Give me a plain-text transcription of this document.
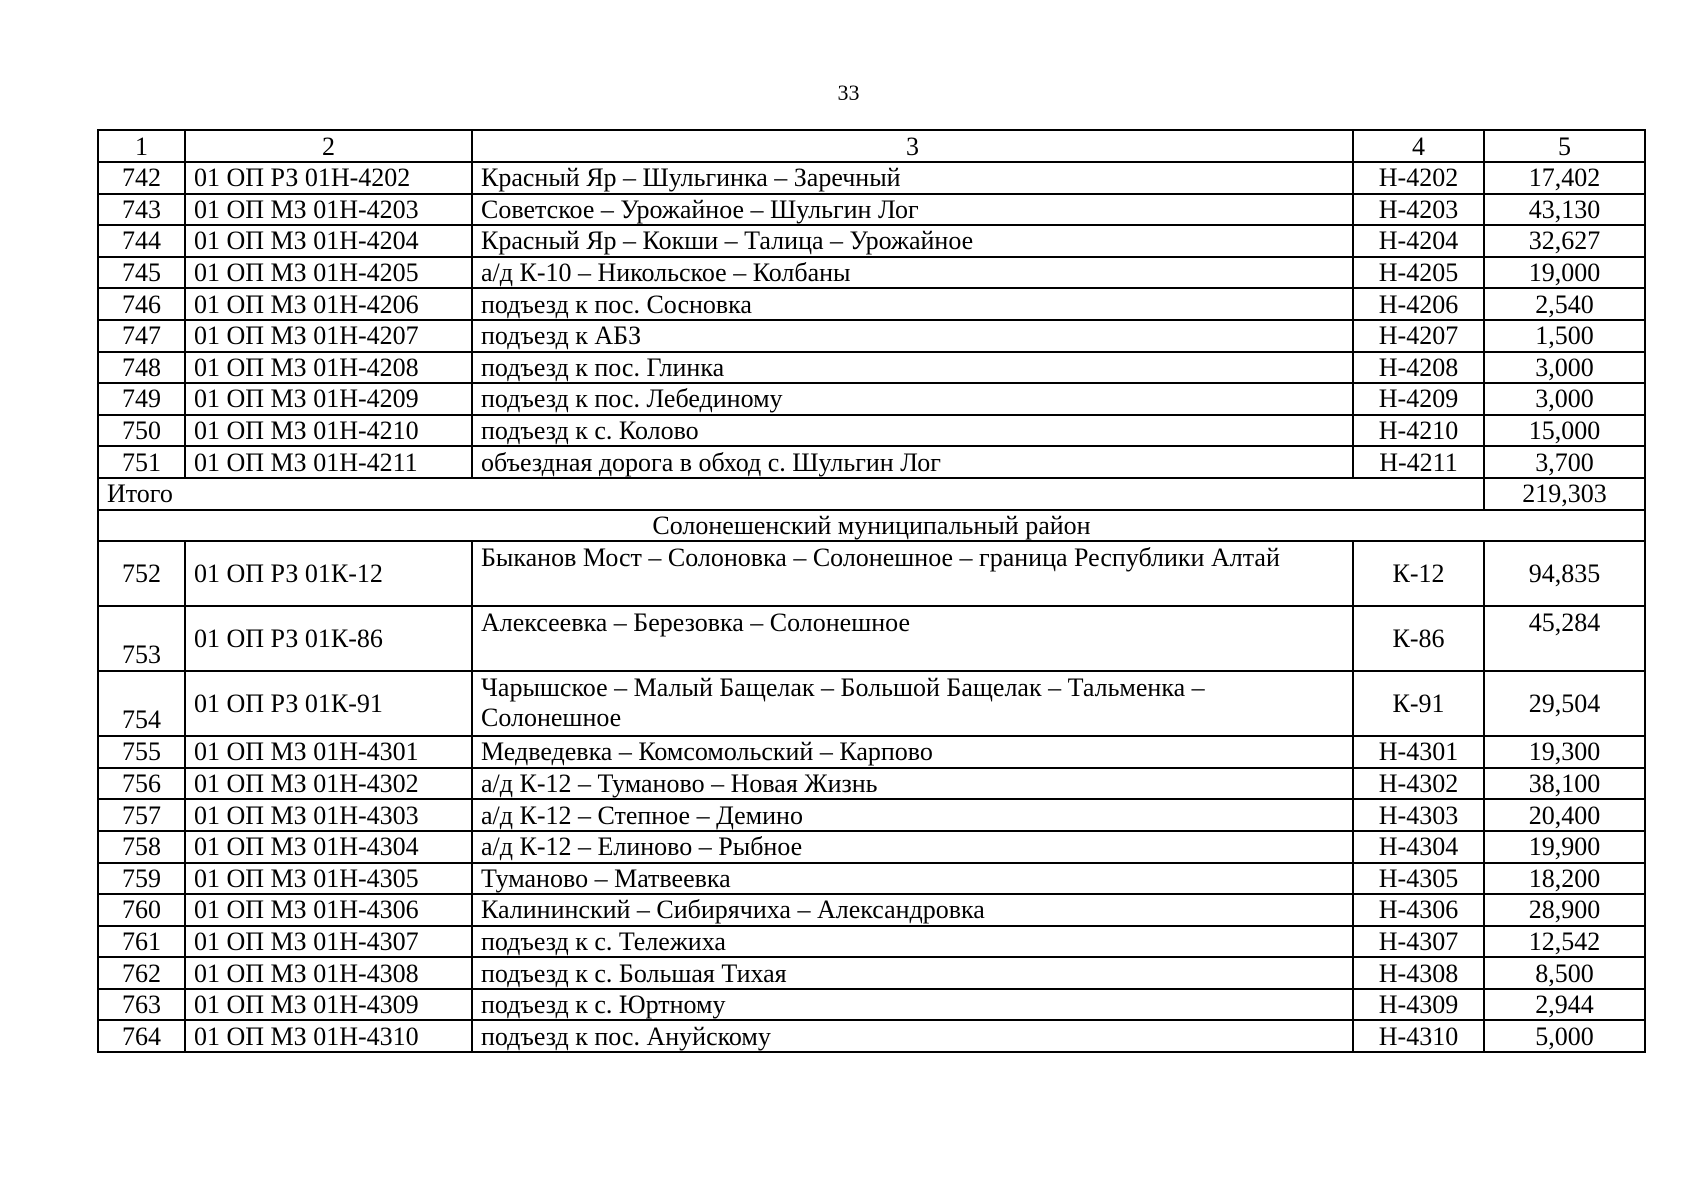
33
1	2	3	4	5
742	01 ОП РЗ 01Н-4202	Красный Яр – Шульгинка – Заречный	Н-4202	17,402
743	01 ОП МЗ 01Н-4203	Советское – Урожайное – Шульгин Лог	Н-4203	43,130
744	01 ОП МЗ 01Н-4204	Красный Яр – Кокши – Талица – Урожайное	Н-4204	32,627
745	01 ОП МЗ 01Н-4205	а/д К-10 – Никольское – Колбаны	Н-4205	19,000
746	01 ОП МЗ 01Н-4206	подъезд к пос. Сосновка	Н-4206	2,540
747	01 ОП МЗ 01Н-4207	подъезд к АБЗ	Н-4207	1,500
748	01 ОП МЗ 01Н-4208	подъезд к пос. Глинка	Н-4208	3,000
749	01 ОП МЗ 01Н-4209	подъезд к пос. Лебединому	Н-4209	3,000
750	01 ОП МЗ 01Н-4210	подъезд к с. Колово	Н-4210	15,000
751	01 ОП МЗ 01Н-4211	объездная дорога в обход с. Шульгин Лог	Н-4211	3,700
Итого				219,303
Солонешенский муниципальный район				
752	01 ОП РЗ 01К-12	Быканов Мост – Солоновка – Солонешное – граница Республики Алтай	К-12	94,835
753	01 ОП РЗ 01К-86	Алексеевка – Березовка – Солонешное	К-86	45,284
754	01 ОП РЗ 01К-91	Чарышское – Малый Бащелак – Большой Бащелак – Тальменка – Солонешное	К-91	29,504
755	01 ОП МЗ 01Н-4301	Медведевка – Комсомольский – Карпово	Н-4301	19,300
756	01 ОП МЗ 01Н-4302	а/д К-12 – Туманово – Новая Жизнь	Н-4302	38,100
757	01 ОП МЗ 01Н-4303	а/д К-12 – Степное – Демино	Н-4303	20,400
758	01 ОП МЗ 01Н-4304	а/д К-12 – Елиново – Рыбное	Н-4304	19,900
759	01 ОП МЗ 01Н-4305	Туманово – Матвеевка	Н-4305	18,200
760	01 ОП МЗ 01Н-4306	Калининский – Сибирячиха – Александровка	Н-4306	28,900
761	01 ОП МЗ 01Н-4307	подъезд к с. Тележиха	Н-4307	12,542
762	01 ОП МЗ 01Н-4308	подъезд к с. Большая Тихая	Н-4308	8,500
763	01 ОП МЗ 01Н-4309	подъезд к с. Юртному	Н-4309	2,944
764	01 ОП МЗ 01Н-4310	подъезд к пос. Ануйскому	Н-4310	5,000
